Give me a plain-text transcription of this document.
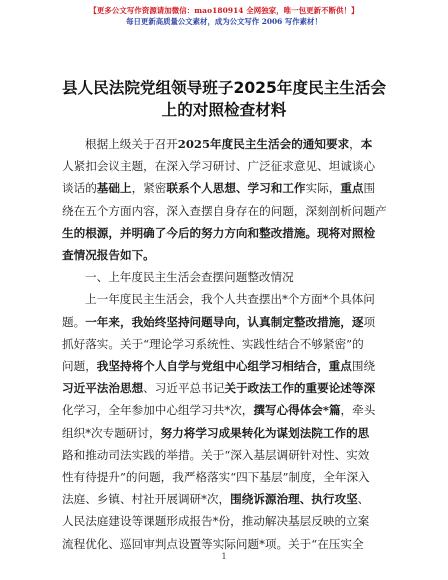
【更多公文写作资源请加微信：mao180914 全网独家，唯一包更新不断供！】
每日更新高质量公文素材，成为公文写作 2006 写作素材！
县人民法院党组领导班子2025年度民主生活会
上的对照检查材料

根据上级关于召开2025年度民主生活会的通知要求，本

人紧扣会议主题，在深入学习研讨、广泛征求意见、坦诚谈心

谈话的基础上，紧密联系个人思想、学习和工作实际，重点围

绕在五个方面内容，深入查摆自身存在的问题，深刻剖析问题产

生的根源，并明确了今后的努力方向和整改措施。现将对照检

查情况报告如下。

一、上年度民主生活会查摆问题整改情况

上一年度民主生活会，我个人共查摆出*个方面*个具体问

题。一年来，我始终坚持问题导向，认真制定整改措施，逐项

抓好落实。关于“理论学习系统性、实践性结合不够紧密”的

问题，我坚持将个人自学与党组中心组学习相结合，重点围绕

习近平法治思想、习近平总书记关于政法工作的重要论述等深

化学习，全年参加中心组学习共*次，撰写心得体会*篇，牵头

组织*次专题研讨，努力将学习成果转化为谋划法院工作的思

路和推动司法实践的举措。关于“深入基层调研针对性、实效

性有待提升”的问题，我严格落实“四下基层”制度，全年深入

法庭、乡镇、村社开展调研*次，围绕诉源治理、执行攻坚、

人民法庭建设等课题形成报告*份，推动解决基层反映的立案

流程优化、巡回审判点设置等实际问题*项。关于“在压实全

1
